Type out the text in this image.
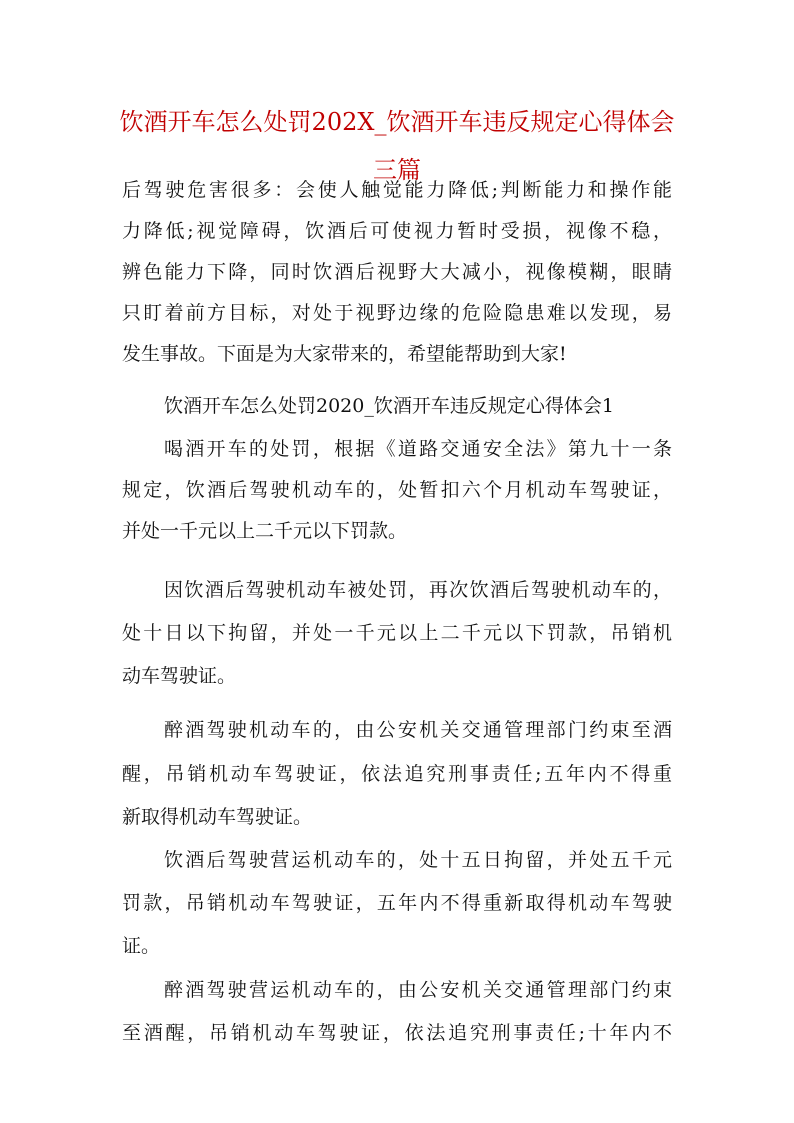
饮酒开车怎么处罚202X_饮酒开车违反规定心得体会
三篇
后驾驶危害很多：会使人触觉能力降低;判断能力和操作能
力降低;视觉障碍，饮酒后可使视力暂时受损，视像不稳，
辨色能力下降，同时饮酒后视野大大减小，视像模糊，眼睛
只盯着前方目标，对处于视野边缘的危险隐患难以发现，易
发生事故。下面是为大家带来的，希望能帮助到大家!
饮酒开车怎么处罚2020_饮酒开车违反规定心得体会1
喝酒开车的处罚，根据《道路交通安全法》第九十一条
规定，饮酒后驾驶机动车的，处暂扣六个月机动车驾驶证，
并处一千元以上二千元以下罚款。
因饮酒后驾驶机动车被处罚，再次饮酒后驾驶机动车的，
处十日以下拘留，并处一千元以上二千元以下罚款，吊销机
动车驾驶证。
醉酒驾驶机动车的，由公安机关交通管理部门约束至酒
醒，吊销机动车驾驶证，依法追究刑事责任;五年内不得重
新取得机动车驾驶证。
饮酒后驾驶营运机动车的，处十五日拘留，并处五千元
罚款，吊销机动车驾驶证，五年内不得重新取得机动车驾驶
证。
醉酒驾驶营运机动车的，由公安机关交通管理部门约束
至酒醒，吊销机动车驾驶证，依法追究刑事责任;十年内不
